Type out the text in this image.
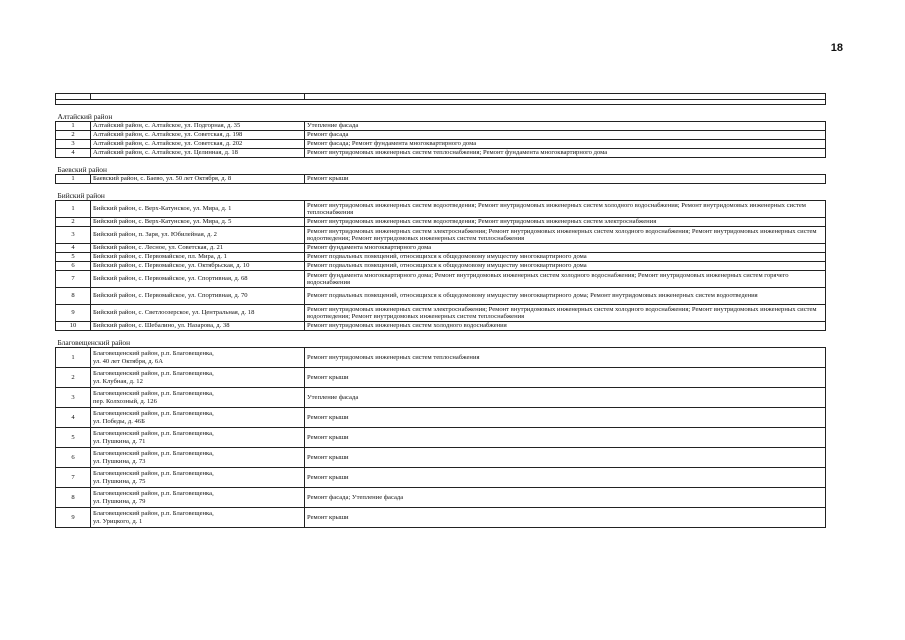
18

Алтайский район		
1	Алтайский район, с. Алтайское, ул. Подгорная, д. 35	Утепление фасада
2	Алтайский район, с. Алтайское, ул. Советская, д. 198	Ремонт фасада
3	Алтайский район, с. Алтайское, ул. Советская, д. 202	Ремонт фасада; Ремонт фундамента многоквартирного дома
4	Алтайский район, с. Алтайское, ул. Целинная, д. 18	Ремонт внутридомовых инженерных систем теплоснабжения; Ремонт фундамента многоквартирного дома
Баевский район		
1	Баевский район, с. Баево, ул. 50 лет Октября, д. 8	Ремонт крыши
Бийский район		
1	Бийский район, с. Верх-Катунское, ул. Мира, д. 1	Ремонт внутридомовых инженерных систем водоотведения; Ремонт внутридомовых инженерных систем холодного водоснабжения; Ремонт внутридомовых инженерных систем теплоснабжения
2	Бийский район, с. Верх-Катунское, ул. Мира, д. 5	Ремонт внутридомовых инженерных систем водоотведения; Ремонт внутридомовых инженерных систем электроснабжения
3	Бийский район, п. Заря, ул. Юбилейная, д. 2	Ремонт внутридомовых инженерных систем электроснабжения; Ремонт внутридомовых инженерных систем холодного водоснабжения; Ремонт внутридомовых инженерных систем водоотведения; Ремонт внутридомовых инженерных систем теплоснабжения
4	Бийский район, с. Лесное, ул. Советская, д. 21	Ремонт фундамента многоквартирного дома
5	Бийский район, с. Первомайское, пл. Мира, д. 1	Ремонт подвальных помещений, относящихся к общедомовому имуществу многоквартирного дома
6	Бийский район, с. Первомайское, ул. Октябрьская, д. 10	Ремонт подвальных помещений, относящихся к общедомовому имуществу многоквартирного дома
7	Бийский район, с. Первомайское, ул. Спортивная, д. 68	Ремонт фундамента многоквартирного дома; Ремонт внутридомовых инженерных систем холодного водоснабжения; Ремонт внутридомовых инженерных систем горячего водоснабжения
8	Бийский район, с. Первомайское, ул. Спортивная, д. 70	Ремонт подвальных помещений, относящихся к общедомовому имуществу многоквартирного дома; Ремонт внутридомовых инженерных систем водоотведения
9	Бийский район, с. Светлоозерское, ул. Центральная, д. 18	Ремонт внутридомовых инженерных систем электроснабжения; Ремонт внутридомовых инженерных систем холодного водоснабжения; Ремонт внутридомовых инженерных систем водоотведения; Ремонт внутридомовых инженерных систем теплоснабжения
10	Бийский район, с. Шебалино, ул. Назарова, д. 38	Ремонт внутридомовых инженерных систем холодного водоснабжения
Благовещенский район		
1	Благовещенский район, р.п. Благовещенка,
ул. 40 лет Октября, д. 6А	Ремонт внутридомовых инженерных систем теплоснабжения
2	Благовещенский район, р.п. Благовещенка,
ул. Клубная, д. 12	Ремонт крыши
3	Благовещенский район, р.п. Благовещенка,
пер. Колхозный, д. 126	Утепление фасада
4	Благовещенский район, р.п. Благовещенка,
ул. Победы, д. 46Б	Ремонт крыши
5	Благовещенский район, р.п. Благовещенка,
ул. Пушкина, д. 71	Ремонт крыши
6	Благовещенский район, р.п. Благовещенка,
ул. Пушкина, д. 73	Ремонт крыши
7	Благовещенский район, р.п. Благовещенка,
ул. Пушкина, д. 75	Ремонт крыши
8	Благовещенский район, р.п. Благовещенка,
ул. Пушкина, д. 79	Ремонт фасада; Утепление фасада
9	Благовещенский район, р.п. Благовещенка,
ул. Урицкого, д. 1	Ремонт крыши
